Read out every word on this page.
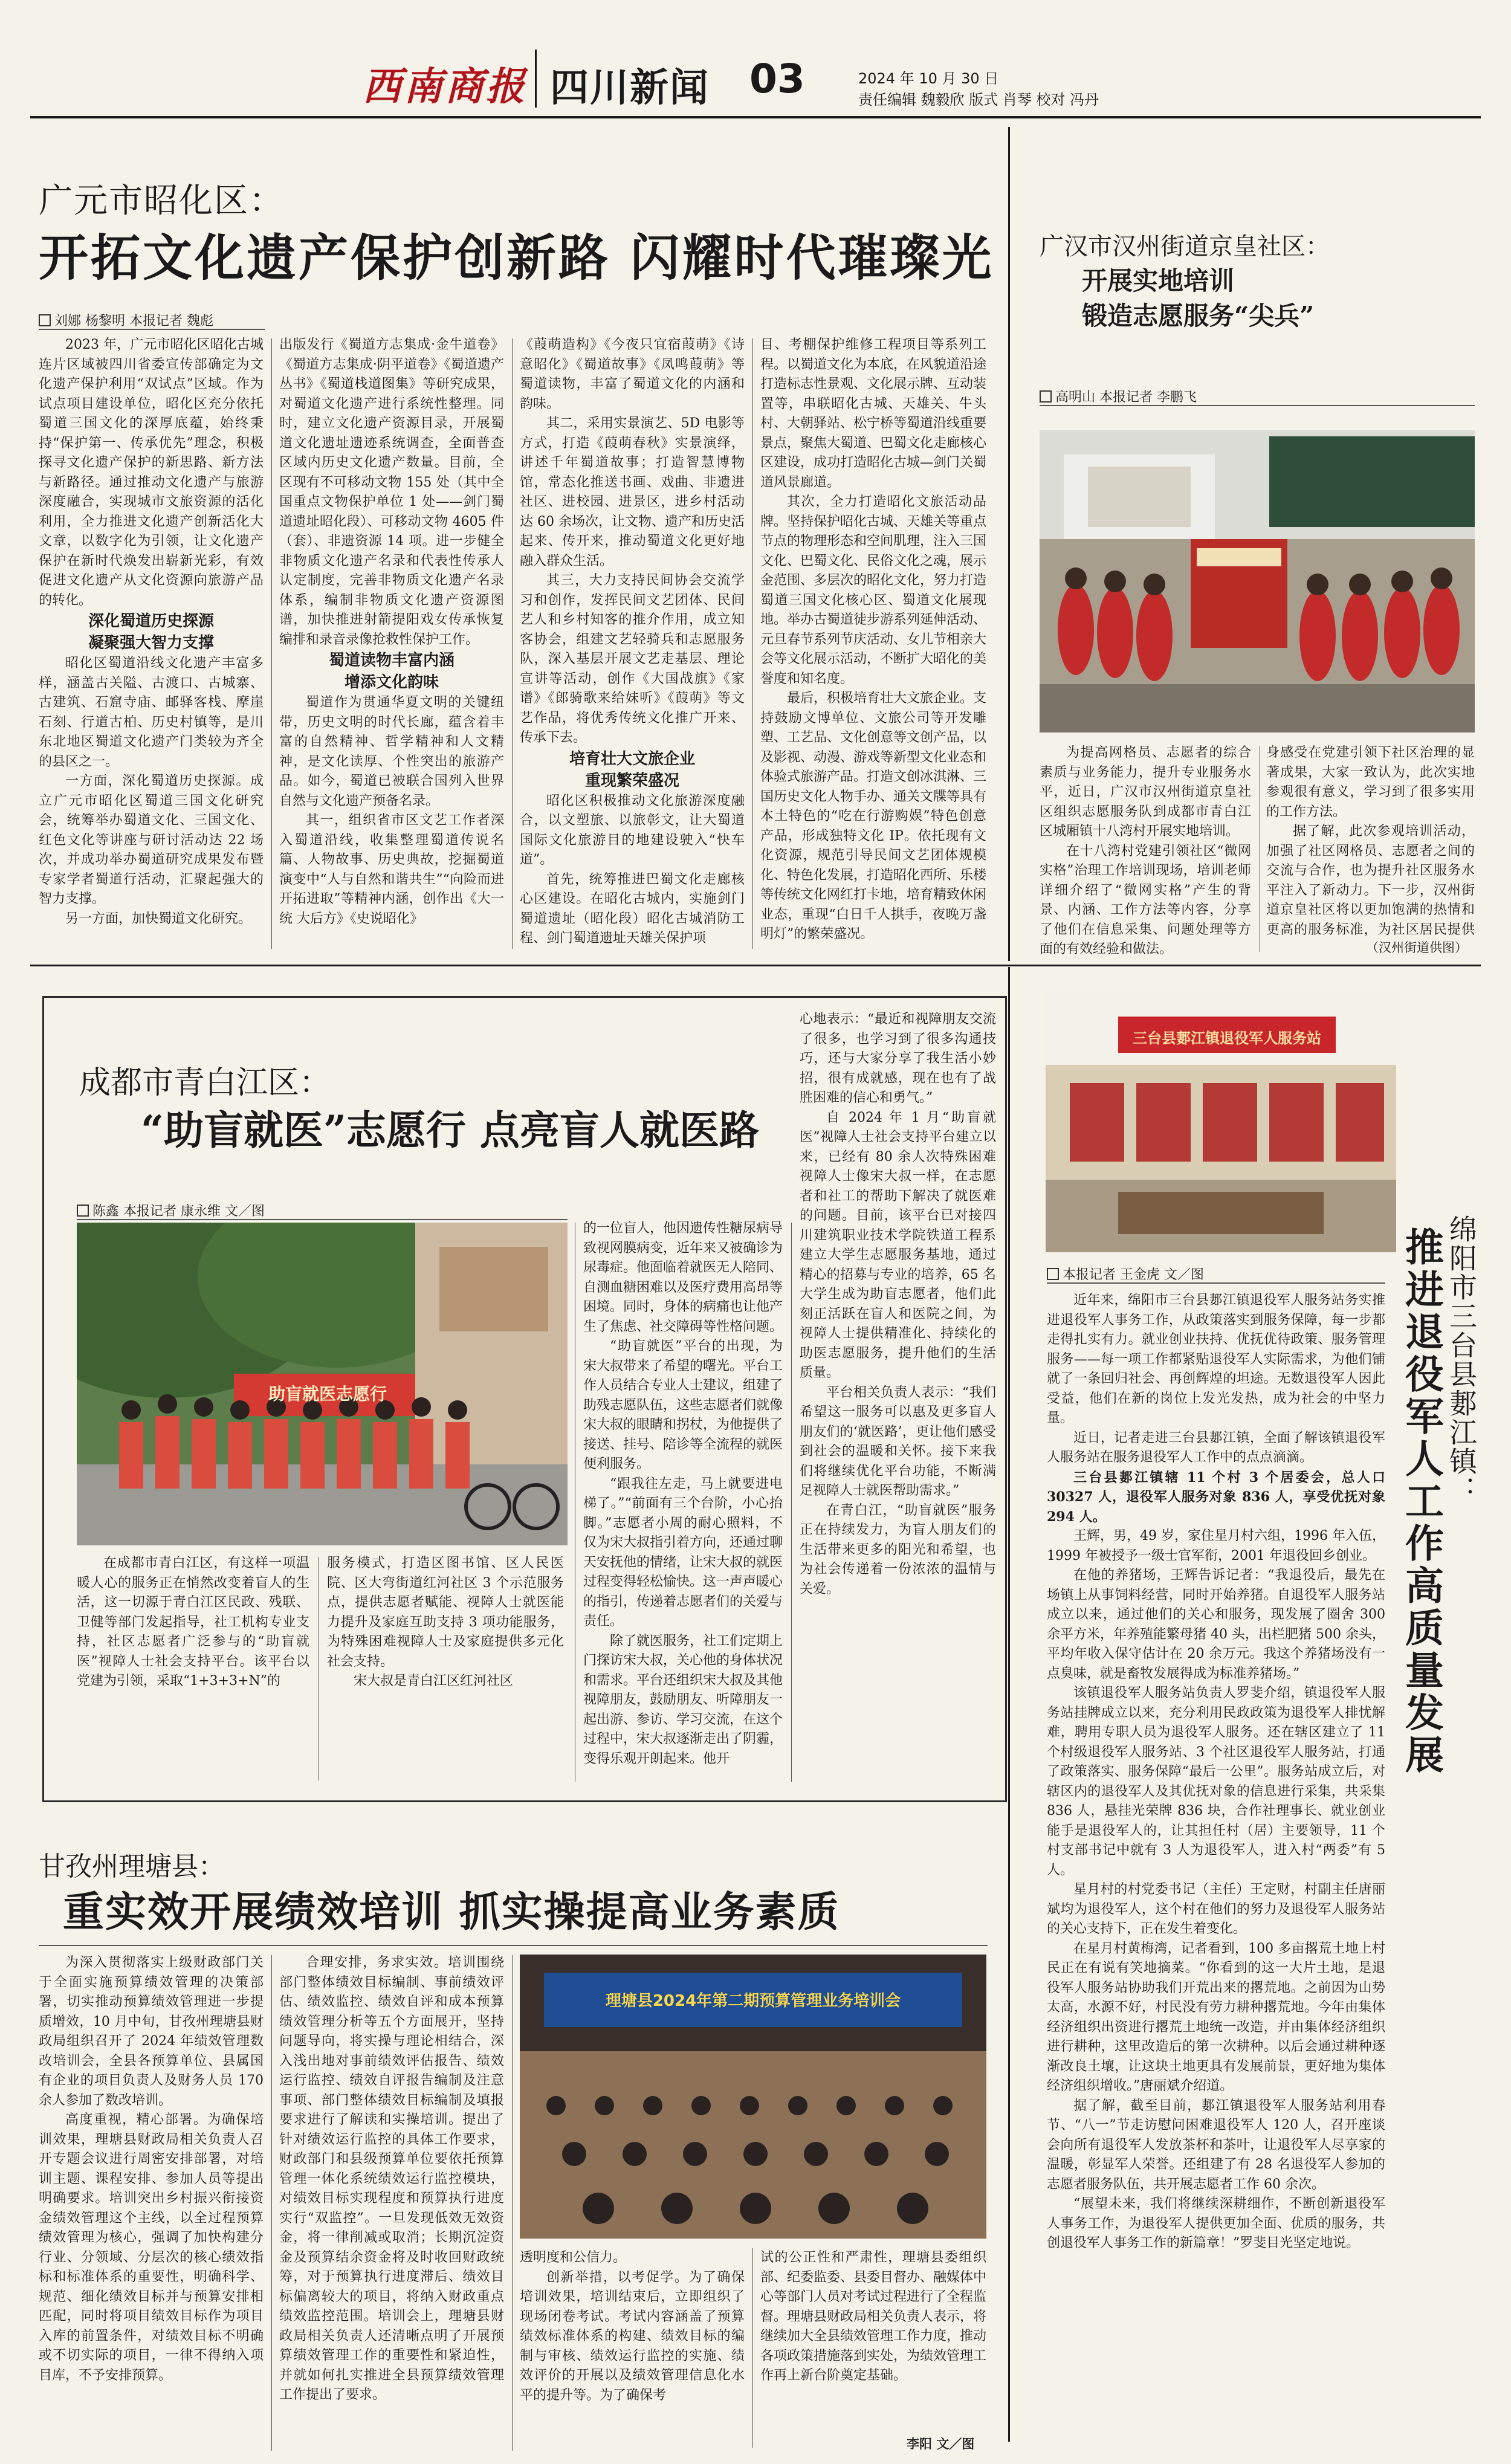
西南商报 四川新闻 03	2024 年 10 月 30 日
责任编辑 魏毅欣 版式 肖琴 校对 冯丹
广元市昭化区：
开拓文化遗产保护创新路 闪耀时代璀璨光
刘娜 杨黎明 本报记者 魏彪

2023 年，广元市昭化区昭化古城连片区域被四川省委宣传部确定为文化遗产保护利用“双试点”区域。作为试点项目建设单位，昭化区充分依托蜀道三国文化的深厚底蕴，始终秉持“保护第一、传承优先”理念，积极探寻文化遗产保护的新思路、新方法与新路径。通过推动文化遗产与旅游深度融合，实现城市文旅资源的活化利用，全力推进文化遗产创新活化大文章，以数字化为引领，让文化遗产保护在新时代焕发出崭新光彩，有效促进文化遗产从文化资源向旅游产品的转化。

深化蜀道历史探源
凝聚强大智力支撑

昭化区蜀道沿线文化遗产丰富多样，涵盖古关隘、古渡口、古城寨、古建筑、石窟寺庙、邮驿客栈、摩崖石刻、行道古柏、历史村镇等，是川东北地区蜀道文化遗产门类较为齐全的县区之一。

一方面，深化蜀道历史探源。成立广元市昭化区蜀道三国文化研究会，统筹举办蜀道文化、三国文化、红色文化等讲座与研讨活动达 22 场次，并成功举办蜀道研究成果发布暨专家学者蜀道行活动，汇聚起强大的智力支撑。

另一方面，加快蜀道文化研究。

出版发行《蜀道方志集成·金牛道卷》《蜀道方志集成·阴平道卷》《蜀道遗产丛书》《蜀道栈道图集》等研究成果，对蜀道文化遗产进行系统性整理。同时，建立文化遗产资源目录，开展蜀道文化遗址遗迹系统调查，全面普查区域内历史文化遗产数量。目前，全区现有不可移动文物 155 处（其中全国重点文物保护单位 1 处——剑门蜀道遗址昭化段）、可移动文物 4605 件（套）、非遗资源 14 项。进一步健全非物质文化遗产名录和代表性传承人认定制度，完善非物质文化遗产名录体系，编制非物质文化遗产资源图谱，加快推进射箭提阳戏女传承恢复编排和录音录像抢救性保护工作。

蜀道读物丰富内涵
增添文化韵味

蜀道作为贯通华夏文明的关键纽带，历史文明的时代长廊，蕴含着丰富的自然精神、哲学精神和人文精神，是文化读厚、个性突出的旅游产品。如今，蜀道已被联合国列入世界自然与文化遗产预备名录。

其一，组织省市区文艺工作者深入蜀道沿线，收集整理蜀道传说名篇、人物故事、历史典故，挖掘蜀道演变中“人与自然和谐共生”“向险而进开拓进取”等精神内涵，创作出《大一统 大后方》《史说昭化》

《葭萌造构》《今夜只宜宿葭萌》《诗意昭化》《蜀道故事》《凤鸣葭萌》等蜀道读物，丰富了蜀道文化的内涵和韵味。

其二，采用实景演艺、5D 电影等方式，打造《葭萌春秋》实景演绎，讲述千年蜀道故事；打造智慧博物馆，常态化推送书画、戏曲、非遗进社区、进校园、进景区，进乡村活动达 60 余场次，让文物、遗产和历史活起来、传开来，推动蜀道文化更好地融入群众生活。

其三，大力支持民间协会交流学习和创作，发挥民间文艺团体、民间艺人和乡村知客的推介作用，成立知客协会，组建文艺轻骑兵和志愿服务队，深入基层开展文艺走基层、理论宣讲等活动，创作《大国战旗》《家谱》《郎骑歌来给妹听》《葭萌》等文艺作品，将优秀传统文化推广开来、传承下去。

培育壮大文旅企业
重现繁荣盛况

昭化区积极推动文化旅游深度融合，以文塑旅、以旅彰文，让大蜀道国际文化旅游目的地建设驶入“快车道”。

首先，统筹推进巴蜀文化走廊核心区建设。在昭化古城内，实施剑门蜀道遗址（昭化段）昭化古城消防工程、剑门蜀道遗址天雄关保护项

目、考棚保护维修工程项目等系列工程。以蜀道文化为本底，在风貌道沿途打造标志性景观、文化展示牌、互动装置等，串联昭化古城、天雄关、牛头村、大朝驿站、松宁桥等蜀道沿线重要景点，聚焦大蜀道、巴蜀文化走廊核心区建设，成功打造昭化古城—剑门关蜀道风景廊道。

其次，全力打造昭化文旅活动品牌。坚持保护昭化古城、天雄关等重点节点的物理形态和空间肌理，注入三国文化、巴蜀文化、民俗文化之魂，展示金范围、多层次的昭化文化，努力打造蜀道三国文化核心区、蜀道文化展现地。举办古蜀道徒步游系列延伸活动、元旦春节系列节庆活动、女儿节相亲大会等文化展示活动，不断扩大昭化的美誉度和知名度。

最后，积极培育壮大文旅企业。支持鼓励文博单位、文旅公司等开发雕塑、工艺品、文化创意等文创产品，以及影视、动漫、游戏等新型文化业态和体验式旅游产品。打造文创冰淇淋、三国历史文化人物手办、通关文牒等具有本土特色的“吃在行游购娱”特色创意产品，形成独特文化 IP。依托现有文化资源，规范引导民间文艺团体规模化、特色化发展，打造昭化西所、乐楼等传统文化网红打卡地，培育精致休闲业态，重现“白日千人拱手，夜晚万盏明灯”的繁荣盛况。

广汉市汉州街道京皇社区：
开展实地培训
锻造志愿服务“尖兵”
高明山 本报记者 李鹏飞

为提高网格员、志愿者的综合素质与业务能力，提升专业服务水平，近日，广汉市汉州街道京皇社区组织志愿服务队到成都市青白江区城厢镇十八湾村开展实地培训。

在十八湾村党建引领社区“微网实格”治理工作培训现场，培训老师详细介绍了“微网实格”产生的背景、内涵、工作方法等内容，分享了他们在信息采集、问题处理等方面的有效经验和做法。

身感受在党建引领下社区治理的显著成果，大家一致认为，此次实地参观很有意义，学习到了很多实用的工作方法。

据了解，此次参观培训活动，加强了社区网格员、志愿者之间的交流与合作，也为提升社区服务水平注入了新动力。下一步，汉州街道京皇社区将以更加饱满的热情和更高的服务标准，为社区居民提供

（汉州街道供图）
成都市青白江区：
“助盲就医”志愿行 点亮盲人就医路
陈鑫 本报记者 康永维 文／图
助盲就医志愿行

在成都市青白江区，有这样一项温暖人心的服务正在悄然改变着盲人的生活，这一切源于青白江区民政、残联、卫健等部门发起指导，社工机构专业支持，社区志愿者广泛参与的“助盲就医”视障人士社会支持平台。该平台以党建为引领，采取“1+3+3+N”的

服务模式，打造区图书馆、区人民医院、区大弯街道红河社区 3 个示范服务点，提供志愿者赋能、视障人士就医能力提升及家庭互助支持 3 项功能服务，为特殊困难视障人士及家庭提供多元化社会支持。

宋大叔是青白江区红河社区

的一位盲人，他因遗传性糖尿病导致视网膜病变，近年来又被确诊为尿毒症。他面临着就医无人陪同、自测血糖困难以及医疗费用高昂等困境。同时，身体的病痛也让他产生了焦虑、社交障碍等性格问题。

“助盲就医”平台的出现，为宋大叔带来了希望的曙光。平台工作人员结合专业人士建议，组建了助残志愿队伍，这些志愿者们就像宋大叔的眼睛和拐杖，为他提供了接送、挂号、陪诊等全流程的就医便利服务。

“跟我往左走，马上就要进电梯了。”“前面有三个台阶，小心抬脚。”志愿者小周的耐心照料，不仅为宋大叔指引着方向，还通过聊天安抚他的情绪，让宋大叔的就医过程变得轻松愉快。这一声声暖心的指引，传递着志愿者们的关爱与责任。

除了就医服务，社工们定期上门探访宋大叔，关心他的身体状况和需求。平台还组织宋大叔及其他视障朋友，鼓励朋友、听障朋友一起出游、参访、学习交流，在这个过程中，宋大叔逐渐走出了阴霾，变得乐观开朗起来。他开

心地表示：“最近和视障朋友交流了很多，也学习到了很多沟通技巧，还与大家分享了我生活小妙招，很有成就感，现在也有了战胜困难的信心和勇气。”

自 2024 年 1 月“助盲就医”视障人士社会支持平台建立以来，已经有 80 余人次特殊困难视障人士像宋大叔一样，在志愿者和社工的帮助下解决了就医难的问题。目前，该平台已对接四川建筑职业技术学院铁道工程系建立大学生志愿服务基地，通过精心的招募与专业的培养，65 名大学生成为助盲志愿者，他们此刻正活跃在盲人和医院之间，为视障人士提供精准化、持续化的助医志愿服务，提升他们的生活质量。

平台相关负责人表示：“我们希望这一服务可以惠及更多盲人朋友们的‘就医路’，更让他们感受到社会的温暖和关怀。接下来我们将继续优化平台功能，不断满足视障人士就医帮助需求。”

在青白江，“助盲就医”服务正在持续发力，为盲人朋友们的生活带来更多的阳光和希望，也为社会传递着一份浓浓的温情与关爱。

三台县郪江镇退役军人服务站
绵阳市三台县郪江镇：
推进退役军人工作高质量发展
本报记者 王金虎 文／图

近年来，绵阳市三台县郪江镇退役军人服务站务实推进退役军人事务工作，从政策落实到服务保障，每一步都走得扎实有力。就业创业扶持、优抚优待政策、服务管理服务——每一项工作都紧贴退役军人实际需求，为他们铺就了一条回归社会、再创辉煌的坦途。无数退役军人因此受益，他们在新的岗位上发光发热，成为社会的中坚力量。

近日，记者走进三台县郪江镇，全面了解该镇退役军人服务站在服务退役军人工作中的点点滴滴。

三台县郪江镇辖 11 个村 3 个居委会，总人口 30327 人，退役军人服务对象 836 人，享受优抚对象 294 人。

王辉，男，49 岁，家住星月村六组，1996 年入伍，1999 年被授予一级士官军衔，2001 年退役回乡创业。

在他的养猪场，王辉告诉记者：“我退役后，最先在场镇上从事饲料经营，同时开始养猪。自退役军人服务站成立以来，通过他们的关心和服务，现发展了圈舍 300 余平方米，年养殖能繁母猪 40 头，出栏肥猪 500 余头，平均年收入保守估计在 20 余万元。我这个养猪场没有一点臭味，就是畜牧发展得成为标准养猪场。”

该镇退役军人服务站负责人罗斐介绍，镇退役军人服务站挂牌成立以来，充分利用民政政策为退役军人排忧解难，聘用专职人员为退役军人服务。还在辖区建立了 11 个村级退役军人服务站、3 个社区退役军人服务站，打通了政策落实、服务保障“最后一公里”。服务站成立后，对辖区内的退役军人及其优抚对象的信息进行采集，共采集 836 人，悬挂光荣牌 836 块，合作社理事长、就业创业能手是退役军人的，让其担任村（居）主要领导，11 个村支部书记中就有 3 人为退役军人，进入村“两委”有 5 人。

星月村的村党委书记（主任）王定财，村副主任唐丽斌均为退役军人，这个村在他们的努力及退役军人服务站的关心支持下，正在发生着变化。

在星月村黄梅湾，记者看到，100 多亩撂荒土地上村民正在有说有笑地摘菜。“你看到的这一大片土地，是退役军人服务站协助我们开荒出来的撂荒地。之前因为山势太高，水源不好，村民没有劳力耕种撂荒地。今年由集体经济组织出资进行撂荒土地统一改造，并由集体经济组织进行耕种，这里改造后的第一次耕种。以后会通过耕种逐渐改良土壤，让这块土地更具有发展前景，更好地为集体经济组织增收。”唐丽斌介绍道。

据了解，截至目前，郪江镇退役军人服务站利用春节、“八一”节走访慰问困难退役军人 120 人，召开座谈会向所有退役军人发放茶杯和茶叶，让退役军人尽享家的温暖，彰显军人荣誉。还组建了有 28 名退役军人参加的志愿者服务队伍，共开展志愿者工作 60 余次。

“展望未来，我们将继续深耕细作，不断创新退役军人事务工作，为退役军人提供更加全面、优质的服务，共创退役军人事务工作的新篇章！”罗斐目光坚定地说。

甘孜州理塘县：
重实效开展绩效培训 抓实操提高业务素质

为深入贯彻落实上级财政部门关于全面实施预算绩效管理的决策部署，切实推动预算绩效管理进一步提质增效，10 月中旬，甘孜州理塘县财政局组织召开了 2024 年绩效管理数改培训会，全县各预算单位、县属国有企业的项目负责人及财务人员 170 余人参加了数改培训。

高度重视，精心部署。为确保培训效果，理塘县财政局相关负责人召开专题会议进行周密安排部署，对培训主题、课程安排、参加人员等提出明确要求。培训突出乡村振兴衔接资金绩效管理这个主线，以全过程预算绩效管理为核心，强调了加快构建分行业、分领域、分层次的核心绩效指标和标准体系的重要性，明确科学、规范、细化绩效目标并与预算安排相匹配，同时将项目绩效目标作为项目入库的前置条件，对绩效目标不明确或不切实际的项目，一律不得纳入项目库，不予安排预算。

合理安排，务求实效。培训围绕部门整体绩效目标编制、事前绩效评估、绩效监控、绩效自评和成本预算绩效管理分析等五个方面展开，坚持问题导向，将实操与理论相结合，深入浅出地对事前绩效评估报告、绩效运行监控、绩效自评报告编制及注意事项、部门整体绩效目标编制及填报要求进行了解读和实操培训。提出了针对绩效运行监控的具体工作要求，财政部门和县级预算单位要依托预算管理一体化系统绩效运行监控模块，对绩效目标实现程度和预算执行进度实行“双监控”。一旦发现低效无效资金，将一律削减或取消；长期沉淀资金及预算结余资金将及时收回财政统筹，对于预算执行进度滞后、绩效目标偏离较大的项目，将纳入财政重点绩效监控范围。培训会上，理塘县财政局相关负责人还清晰点明了开展预算绩效管理工作的重要性和紧迫性，并就如何扎实推进全县预算绩效管理工作提出了要求。

理塘县2024年第二期预算管理业务培训会

透明度和公信力。

创新举措，以考促学。为了确保培训效果，培训结束后，立即组织了现场闭卷考试。考试内容涵盖了预算绩效标准体系的构建、绩效目标的编制与审核、绩效运行监控的实施、绩效评价的开展以及绩效管理信息化水平的提升等。为了确保考

试的公正性和严肃性，理塘县委组织部、纪委监委、县委目督办、融媒体中心等部门人员对考试过程进行了全程监督。理塘县财政局相关负责人表示，将继续加大全县绩效管理工作力度，推动各项政策措施落到实处，为绩效管理工作再上新台阶奠定基础。

李阳 文／图
